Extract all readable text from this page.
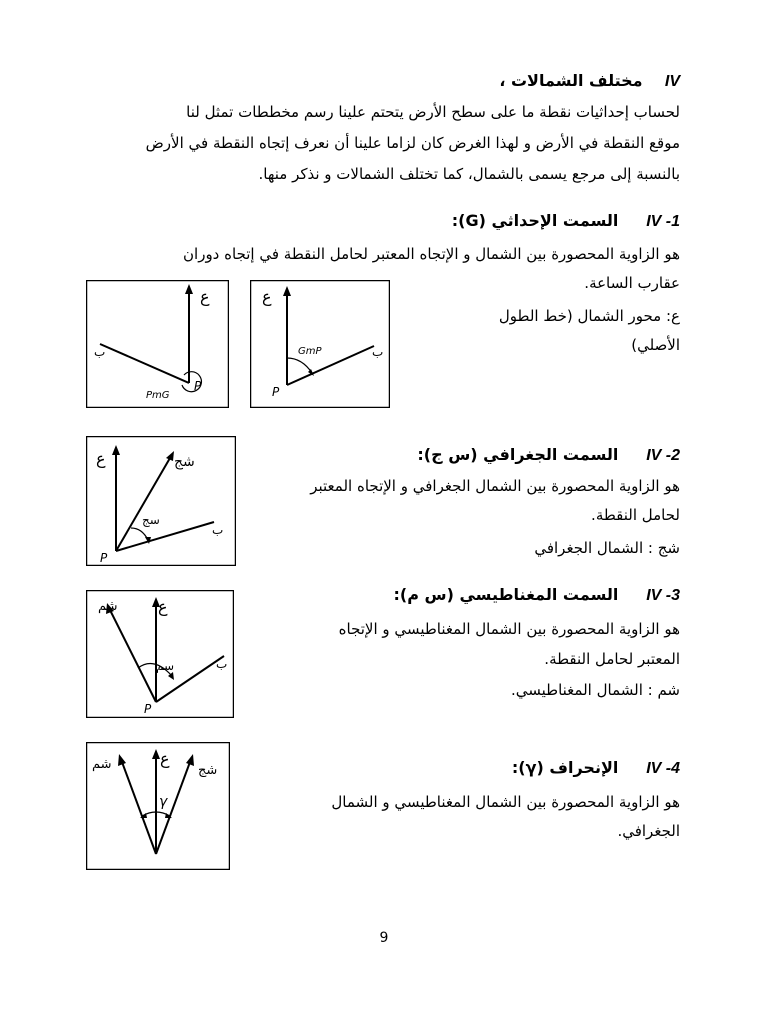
IV    مختلف الشمالات ،
لحساب إحداثيات نقطة ما على سطح الأرض يتحتم علينا رسم مخططات تمثل لنا
موقع النقطة في الأرض و لهذا الغرض كان لزاما علينا أن نعرف إتجاه النقطة في الأرض
بالنسبة إلى مرجع يسمى بالشمال، كما تختلف الشمالات و نذكر منها.
IV -1     السمت الإحداثي (G):
هو الزاوية المحصورة بين الشمال و الإتجاه المعتبر لحامل النقطة في إتجاه دوران
عقارب الساعة.
ع: محور الشمال (خط الطول
الأصلي)
ع
ب
P
PmG
ع
ب
P
GmP
IV -2     السمت الجغرافي (س ج):
هو الزاوية المحصورة بين الشمال الجغرافي و الإتجاه المعتبر
لحامل النقطة.
شج : الشمال الجغرافي
ع	شج
ب
P
سج
IV -3     السمت المغناطيسي (س م):
هو الزاوية المحصورة بين الشمال المغناطيسي و الإتجاه
المعتبر لحامل النقطة.
شم : الشمال المغناطيسي.
ع
شم
ب
P
سم
IV -4     الإنحراف (γ):
هو الزاوية المحصورة بين الشمال المغناطيسي و الشمال
الجغرافي.
ع
شم	شج
γ
9
